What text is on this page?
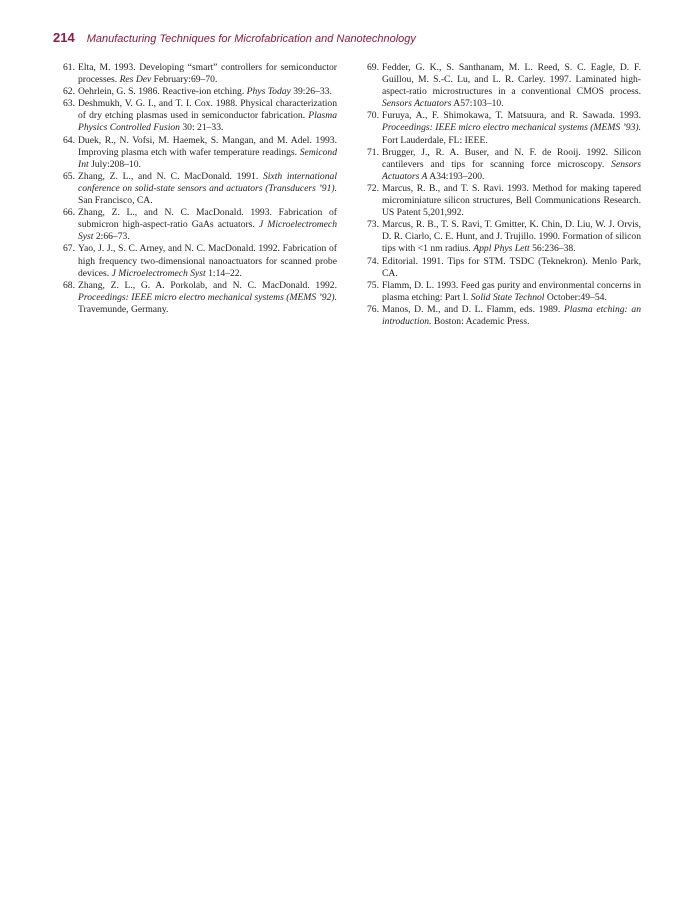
214 Manufacturing Techniques for Microfabrication and Nanotechnology
61. Elta, M. 1993. Developing “smart” controllers for semiconductor processes. Res Dev February:69–70.
62. Oehrlein, G. S. 1986. Reactive-ion etching. Phys Today 39:26–33.
63. Deshmukh, V. G. I., and T. I. Cox. 1988. Physical characterization of dry etching plasmas used in semiconductor fabrication. Plasma Physics Controlled Fusion 30: 21–33.
64. Duek, R., N. Vofsi, M. Haemek, S. Mangan, and M. Adel. 1993. Improving plasma etch with wafer temperature readings. Semicond Int July:208–10.
65. Zhang, Z. L., and N. C. MacDonald. 1991. Sixth international conference on solid-state sensors and actuators (Transducers ’91). San Francisco, CA.
66. Zhang, Z. L., and N. C. MacDonald. 1993. Fabrication of submicron high-aspect-ratio GaAs actuators. J Microelectromech Syst 2:66–73.
67. Yao, J. J., S. C. Arney, and N. C. MacDonald. 1992. Fabrication of high frequency two-dimensional nanoactuators for scanned probe devices. J Microelectromech Syst 1:14–22.
68. Zhang, Z. L., G. A. Porkolab, and N. C. MacDonald. 1992. Proceedings: IEEE micro electro mechanical systems (MEMS ’92). Travemunde, Germany.
69. Fedder, G. K., S. Santhanam, M. L. Reed, S. C. Eagle, D. F. Guillou, M. S.-C. Lu, and L. R. Carley. 1997. Laminated high-aspect-ratio microstructures in a conventional CMOS process. Sensors Actuators A57:103–10.
70. Furuya, A., F. Shimokawa, T. Matsuura, and R. Sawada. 1993. Proceedings: IEEE micro electro mechanical systems (MEMS ’93). Fort Lauderdale, FL: IEEE.
71. Brugger, J., R. A. Buser, and N. F. de Rooij. 1992. Silicon cantilevers and tips for scanning force microscopy. Sensors Actuators A A34:193–200.
72. Marcus, R. B., and T. S. Ravi. 1993. Method for making tapered microminiature silicon structures, Bell Communications Research. US Patent 5,201,992.
73. Marcus, R. B., T. S. Ravi, T. Gmitter, K. Chin, D. Liu, W. J. Orvis, D. R. Ciarlo, C. E. Hunt, and J. Trujillo. 1990. Formation of silicon tips with <1 nm radius. Appl Phys Lett 56:236–38.
74. Editorial. 1991. Tips for STM. TSDC (Teknekron). Menlo Park, CA.
75. Flamm, D. L. 1993. Feed gas purity and environmental concerns in plasma etching: Part I. Solid State Technol October:49–54.
76. Manos, D. M., and D. L. Flamm, eds. 1989. Plasma etching: an introduction. Boston: Academic Press.
